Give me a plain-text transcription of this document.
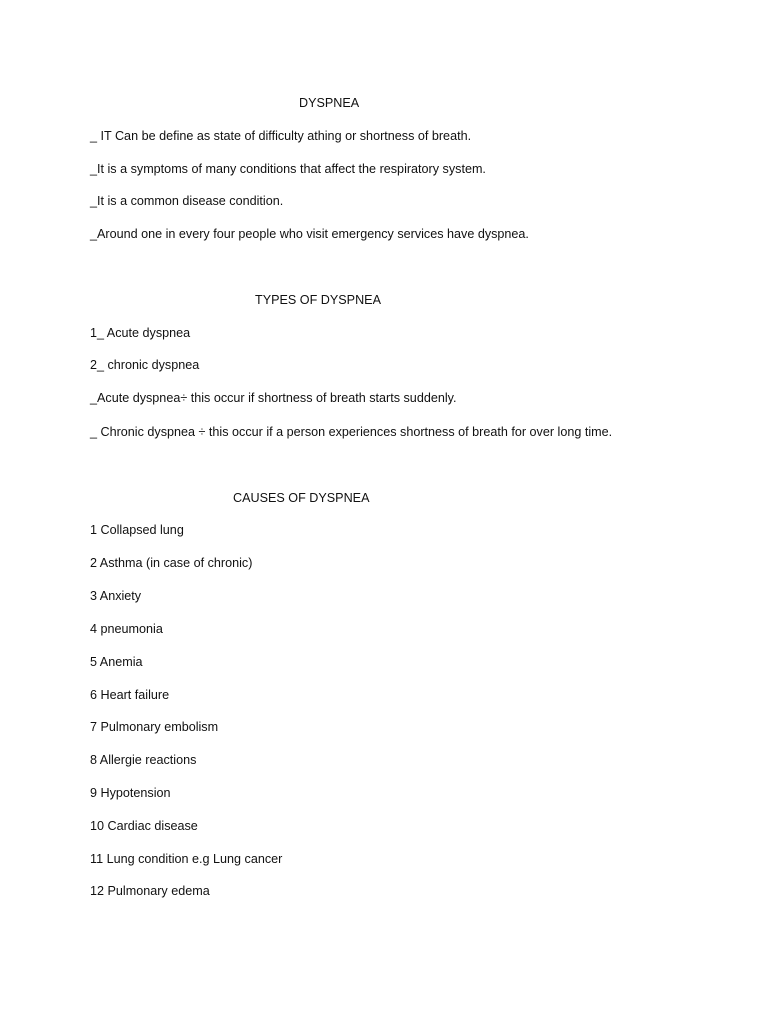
DYSPNEA
_ IT Can be define as state of difficulty athing or shortness of breath.
_It is a symptoms of many conditions that affect the respiratory system.
_It is a common disease condition.
_Around one in every four people who visit emergency services have dyspnea.
TYPES OF DYSPNEA
1_ Acute dyspnea
2_ chronic dyspnea
_Acute dyspnea÷ this occur if shortness of breath starts suddenly.
_ Chronic dyspnea ÷ this occur if a person experiences shortness of breath for over long time.
CAUSES OF DYSPNEA
1 Collapsed lung
2 Asthma (in case of chronic)
3 Anxiety
4 pneumonia
5 Anemia
6 Heart failure
7 Pulmonary embolism
8 Allergie reactions
9 Hypotension
10 Cardiac disease
11 Lung condition e.g Lung cancer
12 Pulmonary edema
